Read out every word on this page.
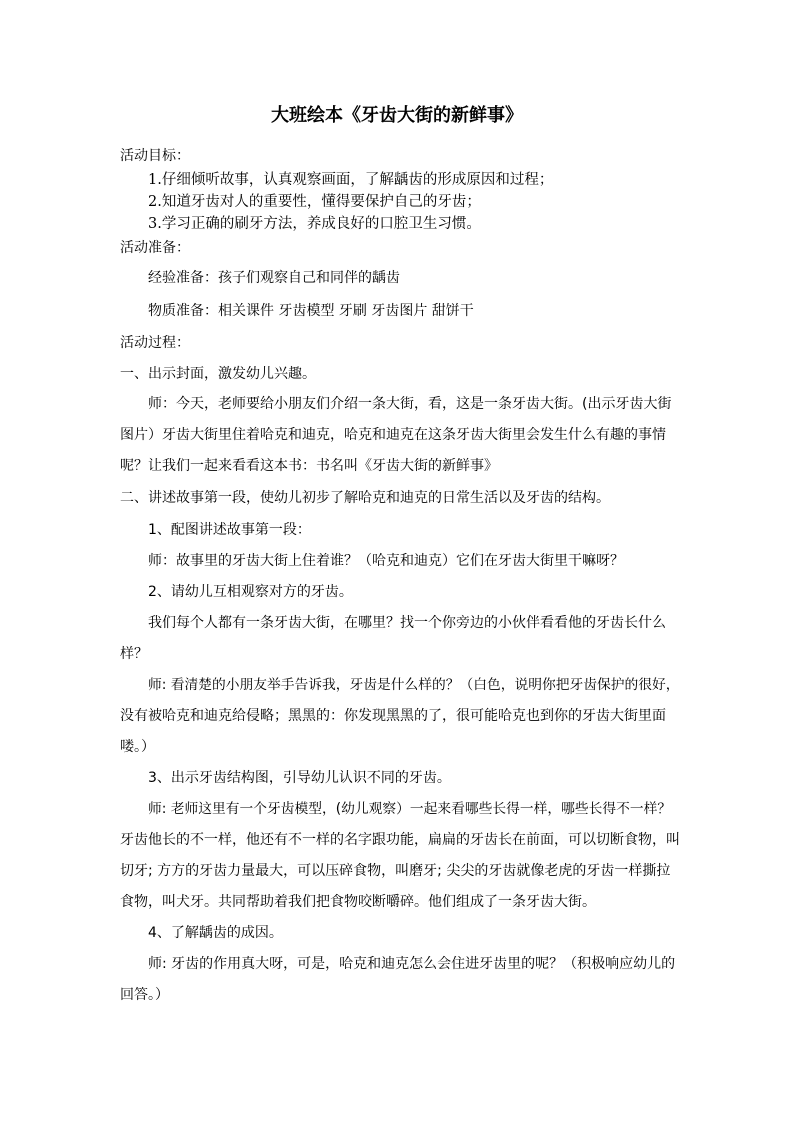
大班绘本《牙齿大街的新鲜事》
活动目标：
1.仔细倾听故事，认真观察画面，了解龋齿的形成原因和过程；
2.知道牙齿对人的重要性，懂得要保护自己的牙齿；
3.学习正确的刷牙方法，养成良好的口腔卫生习惯。
活动准备：
经验准备：孩子们观察自己和同伴的龋齿
物质准备：相关课件 牙齿模型 牙刷 牙齿图片 甜饼干
活动过程：
一、出示封面，激发幼儿兴趣。
师：今天，老师要给小朋友们介绍一条大街，看，这是一条牙齿大街。(出示牙齿大街
图片）牙齿大街里住着哈克和迪克，哈克和迪克在这条牙齿大街里会发生什么有趣的事情
呢？让我们一起来看看这本书：书名叫《牙齿大街的新鲜事》
二、讲述故事第一段，使幼儿初步了解哈克和迪克的日常生活以及牙齿的结构。
1、配图讲述故事第一段：
师：故事里的牙齿大街上住着谁？（哈克和迪克）它们在牙齿大街里干嘛呀？
2、请幼儿互相观察对方的牙齿。
我们每个人都有一条牙齿大街，在哪里？找一个你旁边的小伙伴看看他的牙齿长什么
样？
师: 看清楚的小朋友举手告诉我，牙齿是什么样的？（白色，说明你把牙齿保护的很好，
没有被哈克和迪克给侵略；黑黑的：你发现黑黑的了，很可能哈克也到你的牙齿大街里面
喽。）
3、出示牙齿结构图，引导幼儿认识不同的牙齿。
师: 老师这里有一个牙齿模型，(幼儿观察）一起来看哪些长得一样，哪些长得不一样？
牙齿他长的不一样，他还有不一样的名字跟功能，扁扁的牙齿长在前面，可以切断食物，叫
切牙; 方方的牙齿力量最大，可以压碎食物，叫磨牙; 尖尖的牙齿就像老虎的牙齿一样撕拉
食物，叫犬牙。共同帮助着我们把食物咬断嚼碎。他们组成了一条牙齿大街。
4、了解龋齿的成因。
师: 牙齿的作用真大呀，可是，哈克和迪克怎么会住进牙齿里的呢？（积极响应幼儿的
回答。）
